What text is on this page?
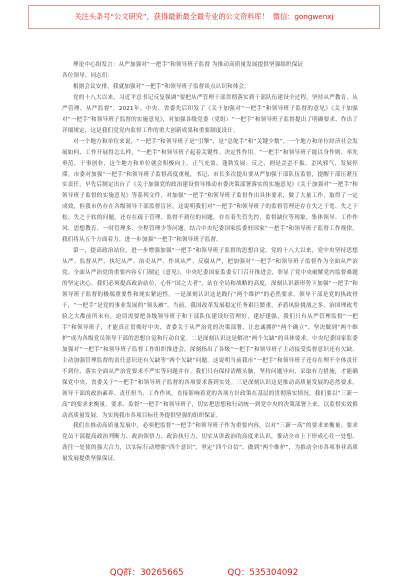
关注头条号“公文研究”，获得最新最全最专业的公文资料库！ 微信：gongwenxj

理论中心组发言：从严加强对“一把手”和领导班子监督 为推动高质量发展提供坚强组织保证

各位领导、同志们：

根据会议安排，我就加强对“一把手”和领导班子监督谈点认识和体会。

党的十八大以来，习近平总书记反复强调“要把从严管理干部贯彻落实到干部队伍建设全过程，坚持从严教育、从严管理、从严监督”。2021年，中央、省委先后印发了《关于加强对“一把手”和领导班子监督的意见》《关于加强对“一把手”和领导班子监督的实施意见》，对加强各级党委（党组）“一把手”和领导班子监督提出了明确要求、作出了详细规定，这是我们党党内监督工作的重大创新成果和重要制度设计。

对一个地方和单位来说，“一把手”和领导班子是“引擎”，是“总舵手”和“关键少数”，一个地方和单位经济社会发展如何、工作开展得怎么样，“一把手”和领导班子起着关键性、决定性作用。“一把手”和领导班子能以身作则、率先垂范、干事创业，这个地方和单位就会积极向上、正气充盈、蓬勃发展；反之，则是歪歪不振、歪风邪气、发展停滞。市委对加强“一把手”和领导班子监督高度重视，书记、市长多次提出要从严加强干部队伍监督，提醒干部压紧压实责任，早先后制定出台了《关于加强党的政治建设督导推动市委决策部署落实的实施意见》《关于加强对“一把手”和领导班子监督的实施意见》等系列文件，对加强“一把手”和领导班子监督作出具体要求，做了大量工作，取得了一定成效，但我市仍存在各级领导干部监督盲区，这说明我们对“一把手”和领导班子的监督管理还存在失之于宽、失之于松、失之于软的问题，还存在疏于管理、监督不到位的问题，存在着失管失控、监督缺位等现象，集体领导、工作作风、思想教育、一时管理多、全程管理少等问题。结合中央纪委国家监委驻国家“一把手”和领导班子监督工作规律，我们将从五个方面着力，进一步加强“一把手”和领导班子监督。

第一，提高政治站位，进一步增强加强“一把手”和领导班子监督的思想自觉。党的十八大以来，党中央坚持思想从严、监督从严、执纪从严、治吏从严、作风从严、反腐从严，把加强对“一把手”和领导班子监督作为全面从严治党、全面从严治党的重要内容专门制定《意见》，中央纪委国家监委专门召开推进会，彰显了党中央破解党内监督难题的坚定决心。我们必须提高政治站位，心怀“国之大者”，站在全局和战略的高度，深刻认识新形势下加强“一把手”和领导班子监督的极端重要性和现实紧迫性。一是深刻认识这是践行“两个维护”的必然要求。领导干部是党的执政骨干，“一把手”是党的事业发展的“领头雁”，当前，我国改革发展稳定任务艰巨繁重，矛盾风险挑战之多、治国理政考验之大都前所未有，迫切需要把各级领导班子和干部队伍建设好管理好，建好建强，我们只有从严管理监督“一把手”和领导班子，才能真正贯彻好中央、省委关于从严治党的决策部署，让忠诚拥护“两个确立”、坚决做到“两个维护”成为各级党员领导干部的思想自觉和行动自觉。二是深刻认识这是解决“两个欠缺”的具体要求。中央纪委国家监委加强对“一把手”和领导班子监督工作组织推进会，深刻指出了各级“一把手”和领导班子主动接受监督意识还有欠缺、主动加强管理监督的责任意识还有欠缺等“两个欠缺”问题。这说明当前我市“一把手”和领导班子还存在理不全体责任不到位、落实全面从严治党要求不严实等问题并存。我们只有保持清醒头脑，坚持问题导向，采取有力措施，才能确保党中央、省委关于“一把手”和领导班子监督的各项要求落到实处。三是深刻认识这是推动高质量发展的必然要求。领导干部的政治素养、责任担当、工作作风，直接影响着党的各项方针政策在基层的贯彻落实情况，我们要以“三新一高”的要求来衡量、要求、监督“一把手”和领导班子，切实把思想和行动统一到党中央的决策部署上来，以监督实效推动高质量发展，为实现我市各项目标任务提供坚强的组织保证。

我们在推动高质量发展中，必须把监督“一把手”和领导班子作为重要内容，以对“三新一高”的要求来衡量。要求党员干部提高政治判断力、政治领悟力、政治执行力，切实从讲政治的高度来认识，推动全市上下形成心往一处想、劲往一处使的强大合力，以实际行动增强“四个意识”、坚定“四个自信”、做到“两个维护”，为推动全市各项事业高质量发展提供坚强保证。

QQ群：30265665	QQ：535304092
